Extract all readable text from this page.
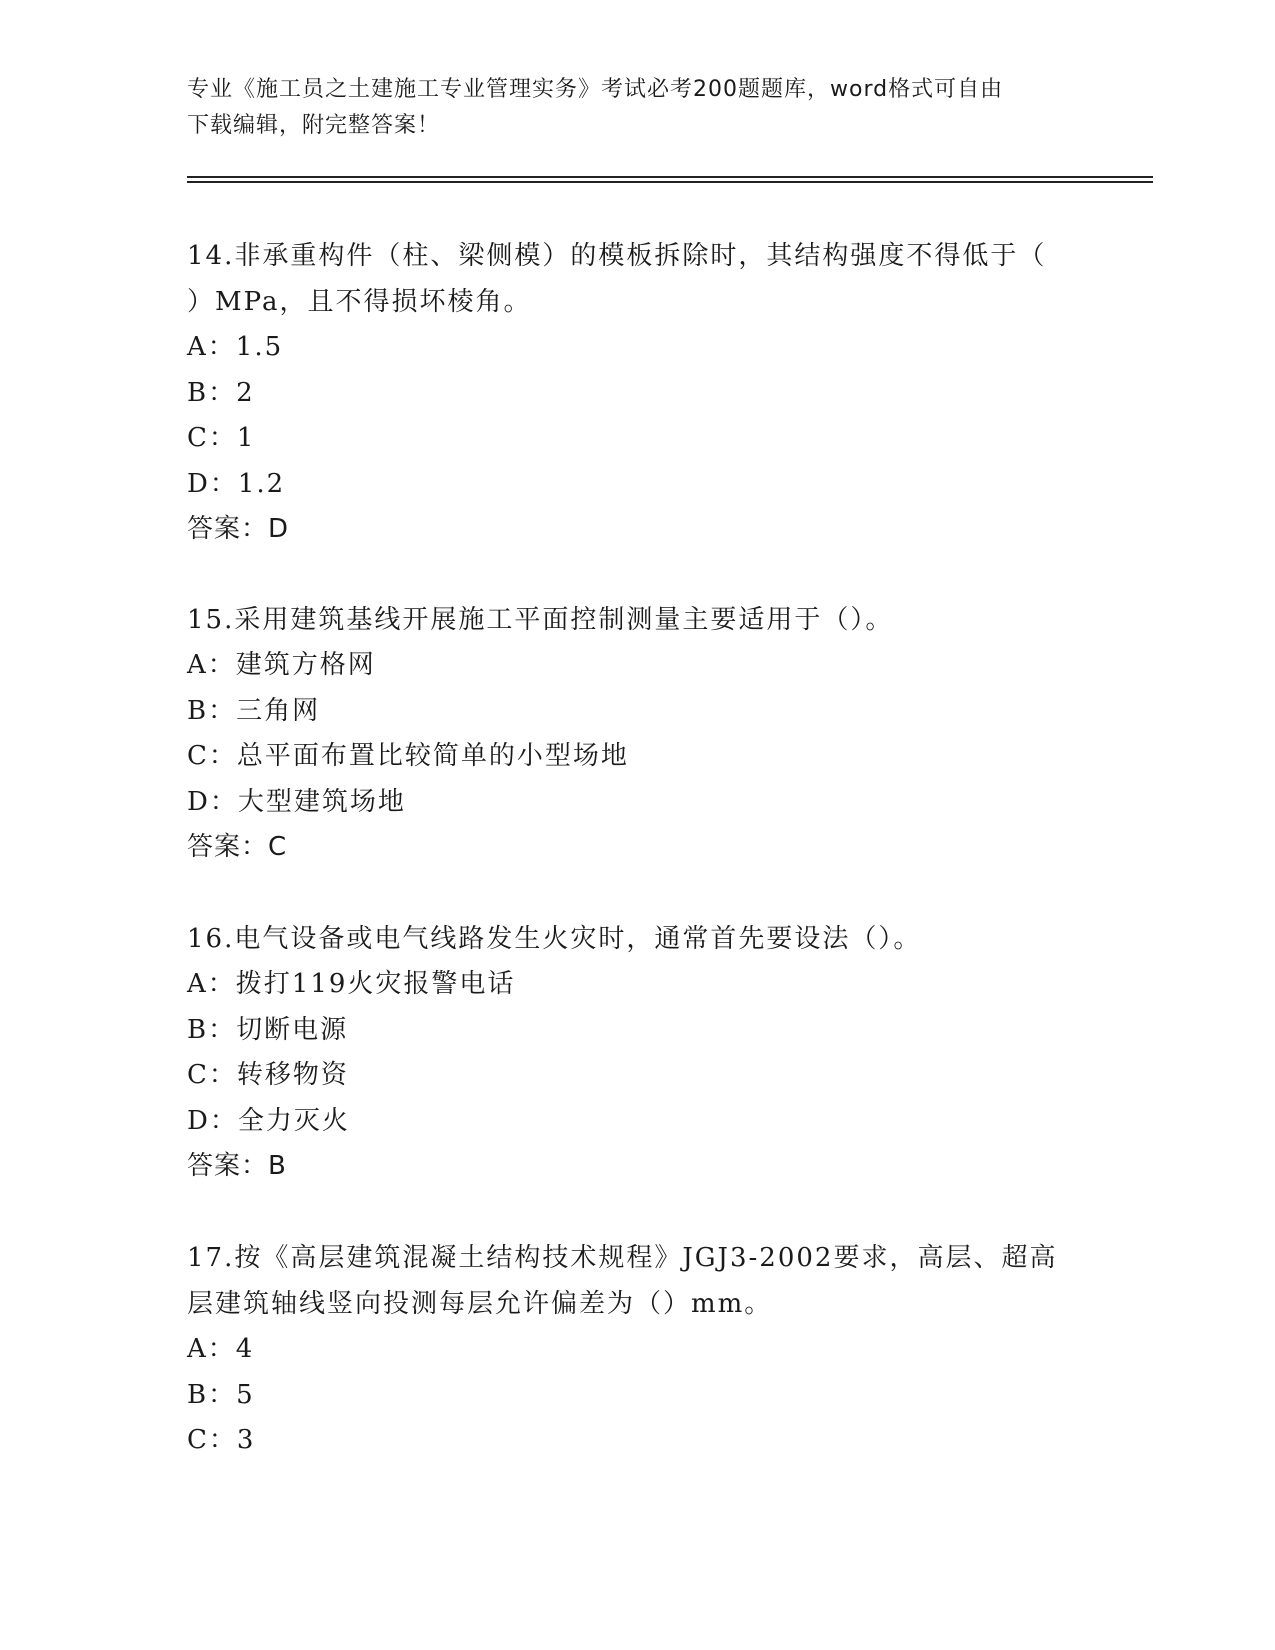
专业《施工员之土建施工专业管理实务》考试必考200题题库，word格式可自由
下载编辑，附完整答案！

14.非承重构件（柱、梁侧模）的模板拆除时，其结构强度不得低于（

）MPa，且不得损坏棱角。

A：1.5

B：2

C：1

D：1.2

答案：D

15.采用建筑基线开展施工平面控制测量主要适用于（）。

A：建筑方格网

B：三角网

C：总平面布置比较简单的小型场地

D：大型建筑场地

答案：C

16.电气设备或电气线路发生火灾时，通常首先要设法（）。

A：拨打119火灾报警电话

B：切断电源

C：转移物资

D：全力灭火

答案：B

17.按《高层建筑混凝土结构技术规程》JGJ3-2002要求，高层、超高

层建筑轴线竖向投测每层允许偏差为（）mm。

A：4

B：5

C：3
